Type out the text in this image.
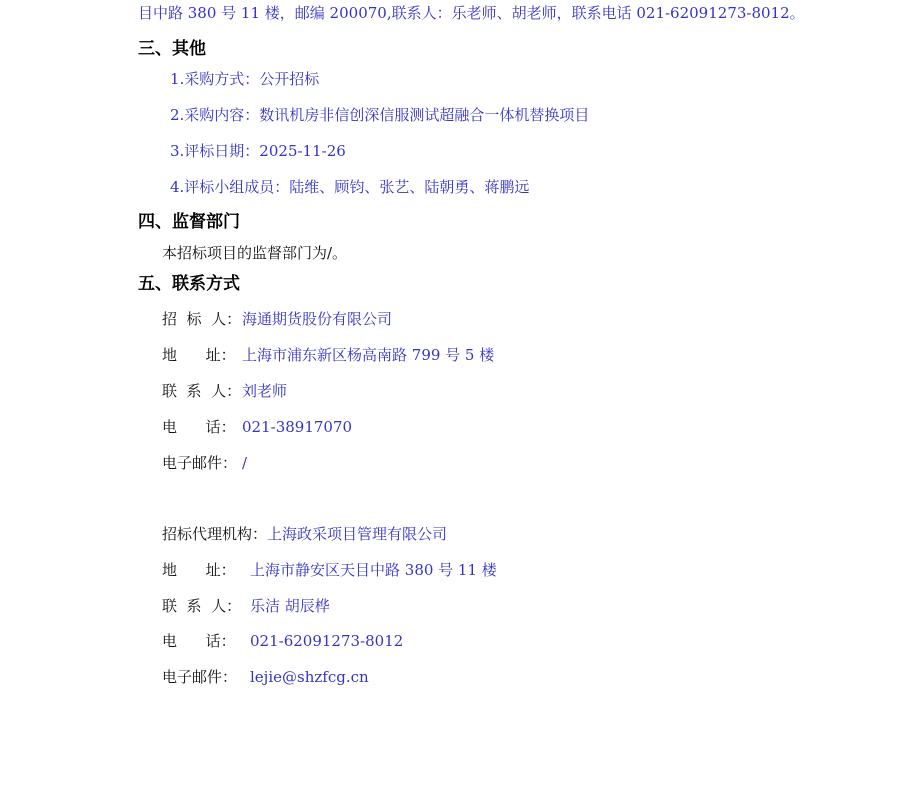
目中路 380 号 11 楼，邮编 200070,联系人：乐老师、胡老师，联系电话 021-62091273-8012。
三、其他
1.采购方式：公开招标
2.采购内容：数讯机房非信创深信服测试超融合一体机替换项目
3.评标日期：2025-11-26
4.评标小组成员：陆维、顾钧、张艺、陆朝勇、蒋鹏远
四、监督部门
本招标项目的监督部门为/。
五、联系方式
招  标  人：海通期货股份有限公司
地      址： 上海市浦东新区杨高南路 799 号 5 楼
联  系  人：刘老师
电      话： 021-38917070
电子邮件： /
招标代理机构：上海政采项目管理有限公司
地      址： 上海市静安区天目中路 380 号 11 楼
联  系  人： 乐洁 胡辰桦
电      话： 021-62091273-8012
电子邮件： lejie@shzfcg.cn
